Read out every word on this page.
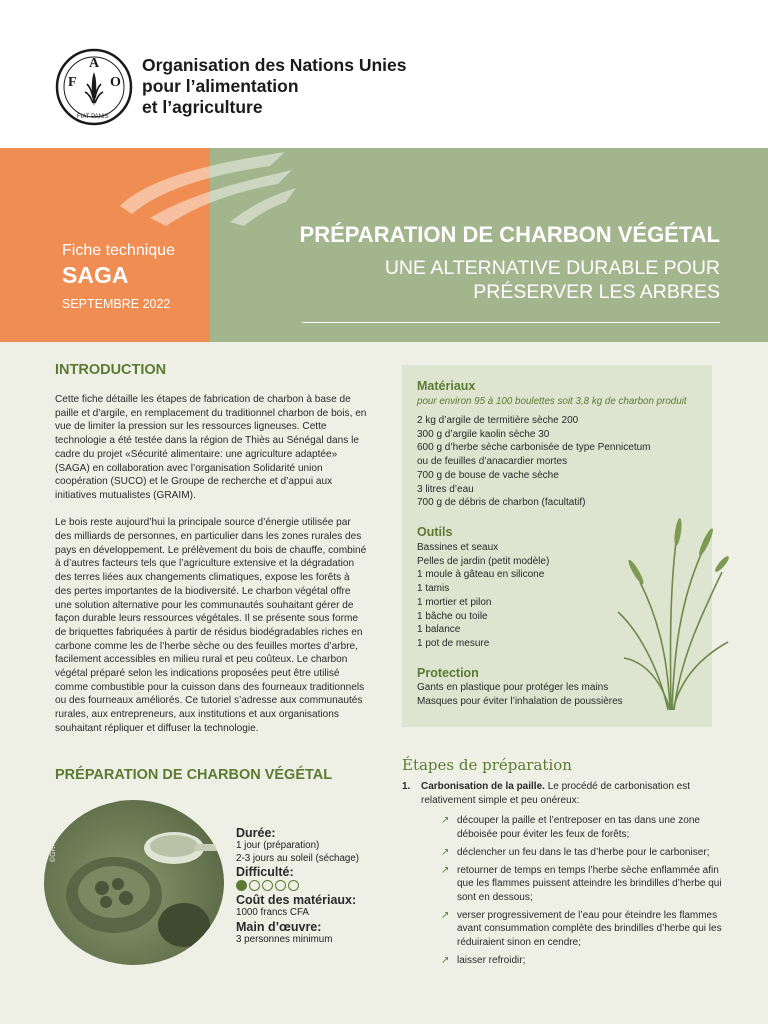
F
A
O
FIAT PANIS
Organisation des Nations Unies
pour l’alimentation
et l’agriculture
Fiche technique
SAGA
SEPTEMBRE 2022
PRÉPARATION DE CHARBON VÉGÉTAL
UNE ALTERNATIVE DURABLE POUR
PRÉSERVER LES ARBRES
INTRODUCTION

Cette fiche détaille les étapes de fabrication de charbon à base de paille et d’argile, en remplacement du traditionnel charbon de bois, en vue de limiter la pression sur les ressources ligneuses. Cette technologie a été testée dans la région de Thiès au Sénégal dans le cadre du projet «Sécurité alimentaire: une agriculture adaptée» (SAGA) en collaboration avec l’organisation Solidarité union coopération (SUCO) et le Groupe de recherche et d’appui aux initiatives mutualistes (GRAIM).

Le bois reste aujourd’hui la principale source d’énergie utilisée par des milliards de personnes, en particulier dans les zones rurales des pays en développement. Le prélèvement du bois de chauffe, combiné à d’autres facteurs tels que l’agriculture extensive et la dégradation des terres liées aux changements climatiques, expose les forêts à des pertes importantes de la biodiversité. Le charbon végétal offre une solution alternative pour les communautés souhaitant gérer de façon durable leurs ressources végétales. Il se présente sous forme de briquettes fabriquées à partir de résidus biodégradables riches en carbone comme les de l’herbe sèche ou des feuilles mortes d’arbre, facilement accessibles en milieu rural et peu coûteux. Le charbon végétal préparé selon les indications proposées peut être utilisé comme combustible pour la cuisson dans des fourneaux traditionnels ou des fourneaux améliorés. Ce tutoriel s’adresse aux communautés rurales, aux entrepreneurs, aux institutions et aux organisations souhaitant répliquer et diffuser la technologie.

PRÉPARATION DE CHARBON VÉGÉTAL
©GRAIM
Durée:
1 jour (préparation)
2-3 jours au soleil (séchage)
Difficulté:
Coût des matériaux:
1000 francs CFA
Main d’œuvre:
3 personnes minimum
Matériaux
pour environ 95 à 100 boulettes soit 3,8 kg de charbon produit
2 kg d’argile de termitière sèche 200
300 g d’argile kaolin sèche 30
600 g d’herbe sèche carbonisée de type Pennicetum
ou de feuilles d’anacardier mortes
700 g de bouse de vache sèche
3 litres d’eau
700 g de débris de charbon (facultatif)
Outils
Bassines et seaux
Pelles de jardin (petit modèle)
1 moule à gâteau en silicone
1 tamis
1 mortier et pilon
1 bâche ou toile
1 balance
1 pot de mesure
Protection
Gants en plastique pour protéger les mains
Masques pour éviter l’inhalation de poussières
Étapes de préparation
1. Carbonisation de la paille. Le procédé de carbonisation est relativement simple et peu onéreux:
↗ découper la paille et l’entreposer en tas dans une zone déboisée pour éviter les feux de forêts;
↗ déclencher un feu dans le tas d’herbe pour le carboniser;
↗ retourner de temps en temps l’herbe sèche enflammée afin que les flammes puissent atteindre les brindilles d’herbe qui sont en dessous;
↗ verser progressivement de l’eau pour éteindre les flammes avant consummation complète des brindilles d’herbe qui les réduiraient sinon en cendre;
↗ laisser refroidir;
